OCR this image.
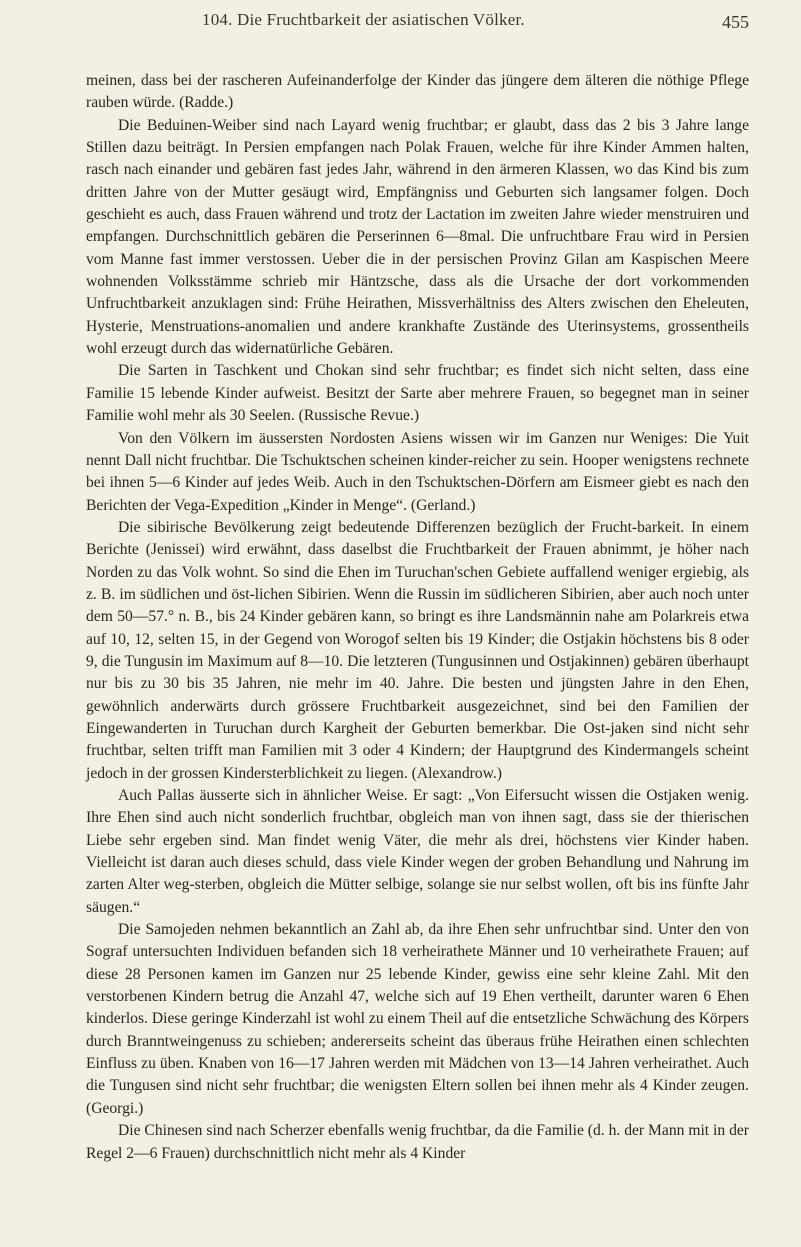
104. Die Fruchtbarkeit der asiatischen Völker.	455

meinen, dass bei der rascheren Aufeinanderfolge der Kinder das jüngere dem älteren die nöthige Pflege rauben würde. (Radde.)

Die Beduinen-Weiber sind nach Layard wenig fruchtbar; er glaubt, dass das 2 bis 3 Jahre lange Stillen dazu beiträgt. In Persien empfangen nach Polak Frauen, welche für ihre Kinder Ammen halten, rasch nach einander und gebären fast jedes Jahr, während in den ärmeren Klassen, wo das Kind bis zum dritten Jahre von der Mutter gesäugt wird, Empfängniss und Geburten sich langsamer folgen. Doch geschieht es auch, dass Frauen während und trotz der Lactation im zweiten Jahre wieder menstruiren und empfangen. Durchschnittlich gebären die Perserinnen 6—8mal. Die unfruchtbare Frau wird in Persien vom Manne fast immer verstossen. Ueber die in der persischen Provinz Gilan am Kaspischen Meere wohnenden Volksstämme schrieb mir Häntzsche, dass als die Ursache der dort vorkommenden Unfruchtbarkeit anzuklagen sind: Frühe Heirathen, Missverhältniss des Alters zwischen den Eheleuten, Hysterie, Menstruations-anomalien und andere krankhafte Zustände des Uterinsystems, grossentheils wohl erzeugt durch das widernatürliche Gebären.

Die Sarten in Taschkent und Chokan sind sehr fruchtbar; es findet sich nicht selten, dass eine Familie 15 lebende Kinder aufweist. Besitzt der Sarte aber mehrere Frauen, so begegnet man in seiner Familie wohl mehr als 30 Seelen. (Russische Revue.)

Von den Völkern im äussersten Nordosten Asiens wissen wir im Ganzen nur Weniges: Die Yuit nennt Dall nicht fruchtbar. Die Tschuktschen scheinen kinder-reicher zu sein. Hooper wenigstens rechnete bei ihnen 5—6 Kinder auf jedes Weib. Auch in den Tschuktschen-Dörfern am Eismeer giebt es nach den Berichten der Vega-Expedition „Kinder in Menge“. (Gerland.)

Die sibirische Bevölkerung zeigt bedeutende Differenzen bezüglich der Frucht-barkeit. In einem Berichte (Jenissei) wird erwähnt, dass daselbst die Fruchtbarkeit der Frauen abnimmt, je höher nach Norden zu das Volk wohnt. So sind die Ehen im Turuchan'schen Gebiete auffallend weniger ergiebig, als z. B. im südlichen und öst-lichen Sibirien. Wenn die Russin im südlicheren Sibirien, aber auch noch unter dem 50—57.° n. B., bis 24 Kinder gebären kann, so bringt es ihre Landsmännin nahe am Polarkreis etwa auf 10, 12, selten 15, in der Gegend von Worogof selten bis 19 Kinder; die Ostjakin höchstens bis 8 oder 9, die Tungusin im Maximum auf 8—10. Die letzteren (Tungusinnen und Ostjakinnen) gebären überhaupt nur bis zu 30 bis 35 Jahren, nie mehr im 40. Jahre. Die besten und jüngsten Jahre in den Ehen, gewöhnlich anderwärts durch grössere Fruchtbarkeit ausgezeichnet, sind bei den Familien der Eingewanderten in Turuchan durch Kargheit der Geburten bemerkbar. Die Ost-jaken sind nicht sehr fruchtbar, selten trifft man Familien mit 3 oder 4 Kindern; der Hauptgrund des Kindermangels scheint jedoch in der grossen Kindersterblichkeit zu liegen. (Alexandrow.)

Auch Pallas äusserte sich in ähnlicher Weise. Er sagt: „Von Eifersucht wissen die Ostjaken wenig. Ihre Ehen sind auch nicht sonderlich fruchtbar, obgleich man von ihnen sagt, dass sie der thierischen Liebe sehr ergeben sind. Man findet wenig Väter, die mehr als drei, höchstens vier Kinder haben. Vielleicht ist daran auch dieses schuld, dass viele Kinder wegen der groben Behandlung und Nahrung im zarten Alter weg-sterben, obgleich die Mütter selbige, solange sie nur selbst wollen, oft bis ins fünfte Jahr säugen.“

Die Samojeden nehmen bekanntlich an Zahl ab, da ihre Ehen sehr unfruchtbar sind. Unter den von Sograf untersuchten Individuen befanden sich 18 verheirathete Männer und 10 verheirathete Frauen; auf diese 28 Personen kamen im Ganzen nur 25 lebende Kinder, gewiss eine sehr kleine Zahl. Mit den verstorbenen Kindern betrug die Anzahl 47, welche sich auf 19 Ehen vertheilt, darunter waren 6 Ehen kinderlos. Diese geringe Kinderzahl ist wohl zu einem Theil auf die entsetzliche Schwächung des Körpers durch Branntweingenuss zu schieben; andererseits scheint das überaus frühe Heirathen einen schlechten Einfluss zu üben. Knaben von 16—17 Jahren werden mit Mädchen von 13—14 Jahren verheirathet. Auch die Tungusen sind nicht sehr fruchtbar; die wenigsten Eltern sollen bei ihnen mehr als 4 Kinder zeugen. (Georgi.)

Die Chinesen sind nach Scherzer ebenfalls wenig fruchtbar, da die Familie (d. h. der Mann mit in der Regel 2—6 Frauen) durchschnittlich nicht mehr als 4 Kinder
